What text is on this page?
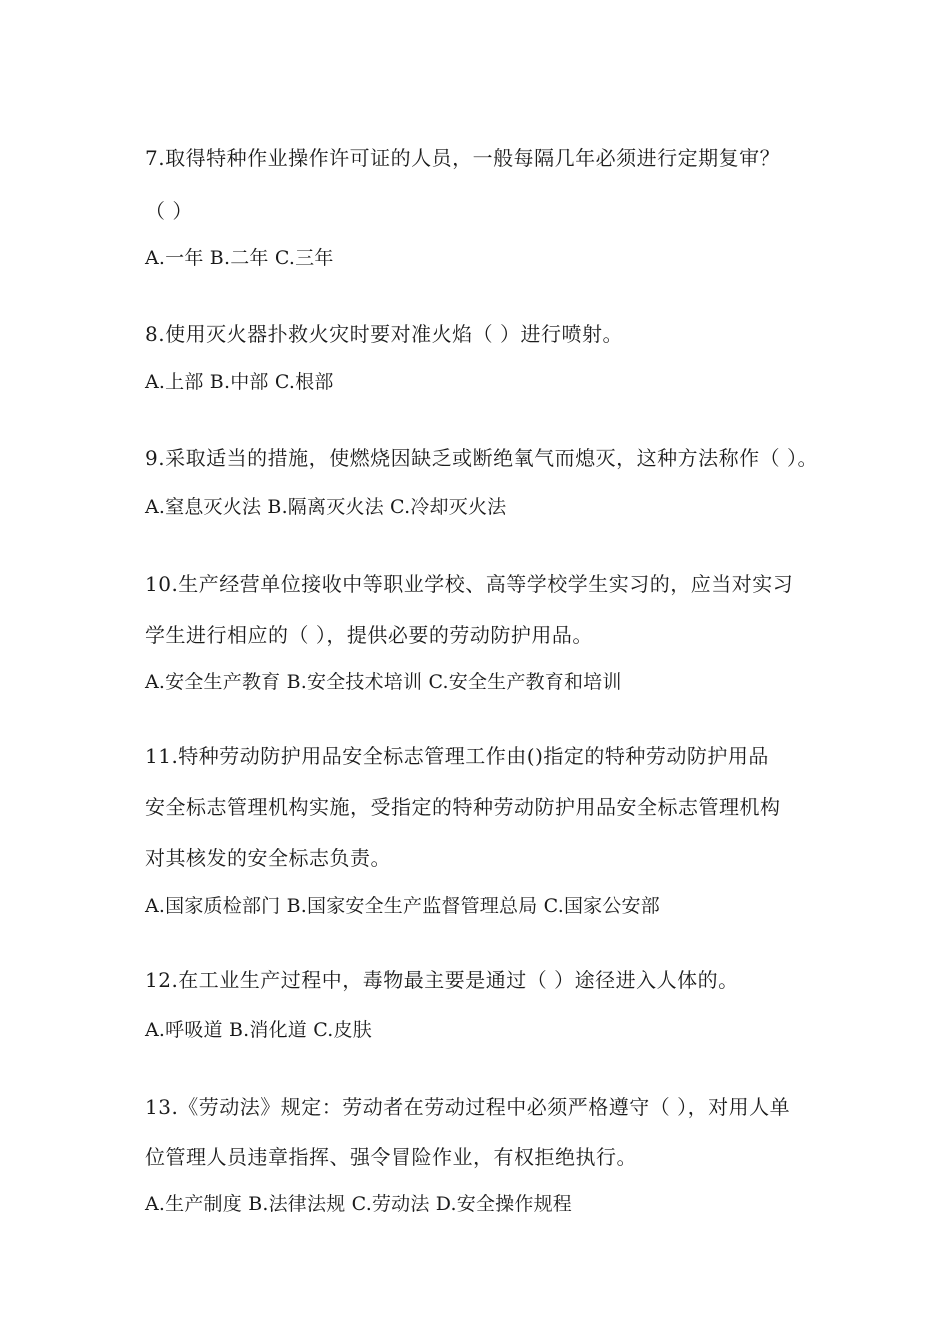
7.取得特种作业操作许可证的人员，一般每隔几年必须进行定期复审？
（ ）
A.一年 B.二年 C.三年
8.使用灭火器扑救火灾时要对准火焰（ ）进行喷射。
A.上部 B.中部 C.根部
9.采取适当的措施，使燃烧因缺乏或断绝氧气而熄灭，这种方法称作（ ）。
A.窒息灭火法 B.隔离灭火法 C.冷却灭火法
10.生产经营单位接收中等职业学校、高等学校学生实习的，应当对实习
学生进行相应的（ ），提供必要的劳动防护用品。
A.安全生产教育 B.安全技术培训 C.安全生产教育和培训
11.特种劳动防护用品安全标志管理工作由()指定的特种劳动防护用品
安全标志管理机构实施，受指定的特种劳动防护用品安全标志管理机构
对其核发的安全标志负责。
A.国家质检部门 B.国家安全生产监督管理总局 C.国家公安部
12.在工业生产过程中，毒物最主要是通过（ ）途径进入人体的。
A.呼吸道 B.消化道 C.皮肤
13.《劳动法》规定：劳动者在劳动过程中必须严格遵守（ ），对用人单
位管理人员违章指挥、强令冒险作业，有权拒绝执行。
A.生产制度 B.法律法规 C.劳动法 D.安全操作规程
